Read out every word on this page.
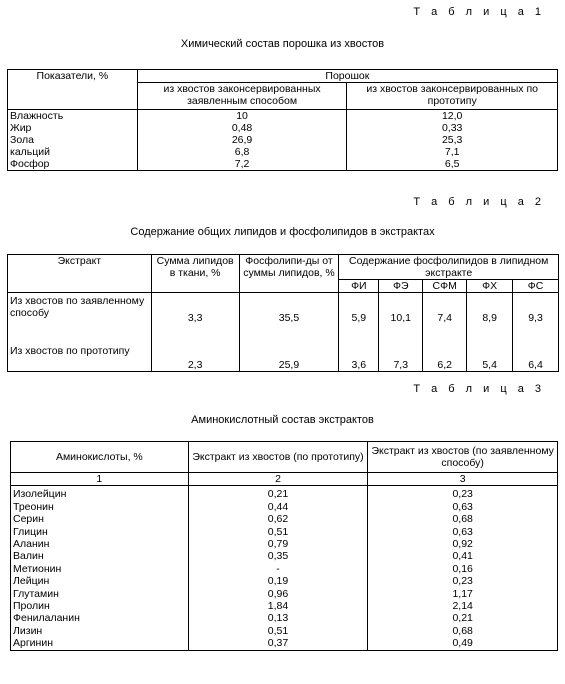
Т а б л и ц а 1
Химический состав порошка из хвостов
Показатели, %	Порошок	
	из хвостов законсервированных заявленным способом	из хвостов законсервированных по прототипу
Влажность	10	12,0
Жир	0,48	0,33
Зола	26,9	25,3
кальций	6,8	7,1
Фосфор	7,2	6,5
Т а б л и ц а 2
Содержание общих липидов и фосфолипидов в экстрактах
Экстракт	Сумма липидов в ткани, %	Фосфолипи-ды от суммы липидов, %	Содержание фосфолипидов в липидном экстракте				
			ФИ	ФЭ	СФМ	ФХ	ФС
Из хвостов по заявленному способу	3,3	35,5	5,9	10,1	7,4	8,9	9,3
Из хвостов по прототипу	2,3	25,9	3,6	7,3	6,2	5,4	6,4
Т а б л и ц а 3
Аминокислотный состав экстрактов
Аминокислоты, %	Экстракт из хвостов (по прототипу)	Экстракт из хвостов (по заявленному способу)
1	2	3
Изолейцин	0,21	0,23
Треонин	0,44	0,63
Серин	0,62	0,68
Глицин	0,51	0,63
Аланин	0,79	0,92
Валин	0,35	0,41
Метионин	-	0,16
Лейцин	0,19	0,23
Глутамин	0,96	1,17
Пролин	1,84	2,14
Фенилаланин	0,13	0,21
Лизин	0,51	0,68
Аргинин	0,37	0,49
